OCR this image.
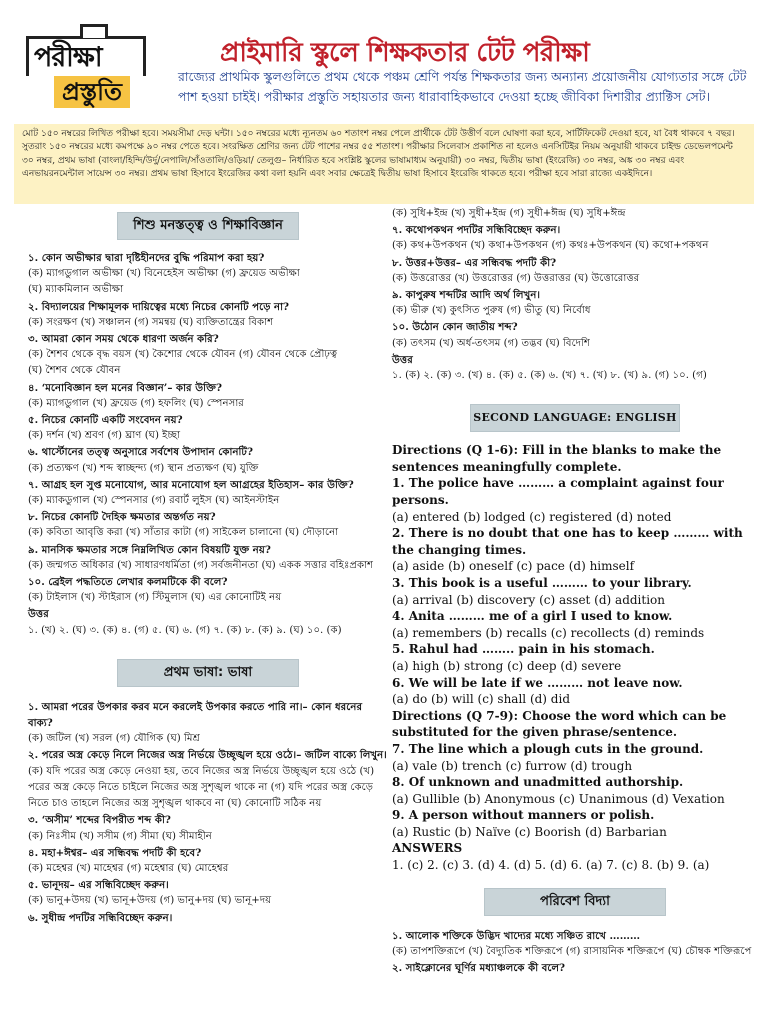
পরীক্ষা
প্রস্তুতি
প্রাইমারি স্কুলে শিক্ষকতার টেট পরীক্ষা
রাজ্যের প্রাথমিক স্কুলগুলিতে প্রথম থেকে পঞ্চম শ্রেণি পর্যন্ত শিক্ষকতার জন্য অন্যান্য প্রয়োজনীয় যোগ্যতার সঙ্গে টেট পাশ হওয়া চাইই। পরীক্ষার প্রস্তুতি সহায়তার জন্য ধারাবাহিকভাবে দেওয়া হচ্ছে জীবিকা দিশারীর প্র্যাক্টিস সেট।
মোট ১৫০ নম্বরের লিখিত পরীক্ষা হবে। সময়সীমা দেড় ঘন্টা। ১৫০ নম্বরের মধ্যে ন্যূনতম ৬০ শতাংশ নম্বর পেলে প্রার্থীকে টেট উত্তীর্ণ বলে ঘোষণা করা হবে, সার্টিফিকেট দেওয়া হবে, যা বৈধ থাকবে ৭ বছর। সুতরাং ১৫০ নম্বরের মধ্যে কমপক্ষে ৯০ নম্বর পেতে হবে। সংরক্ষিত শ্রেণির জন্য টেট পাশের নম্বর ৫৫ শতাংশ। পরীক্ষার সিলেবাস প্রকাশিত না হলেও এনসিটিইর নিয়ম অনুযায়ী থাকবে চাইল্ড ডেভেলপমেন্ট ৩০ নম্বর, প্রথম ভাষা (বাংলা/হিন্দি/উর্দু/নেপালি/সাঁওতালি/ওড়িয়া/ তেলুগু– নির্ধারিত হবে সংশ্লিষ্ট স্কুলের ভাষামাধ্যম অনুযায়ী) ৩০ নম্বর, দ্বিতীয় ভাষা (ইংরেজি) ৩০ নম্বর, অঙ্ক ৩০ নম্বর এবং এনভায়রনমেন্টাল সায়েন্স ৩০ নম্বর। প্রথম ভাষা হিসাবে ইংরেজির কথা বলা হয়নি এবং সবার ক্ষেত্রেই দ্বিতীয় ভাষা হিসাবে ইংরেজি থাকতে হবে। পরীক্ষা হবে সারা রাজ্যে একইদিনে।
শিশু মনস্তত্ত্ব ও শিক্ষাবিজ্ঞান
১. কোন অভীক্ষার দ্বারা দৃষ্টিহীনদের বুদ্ধি পরিমাপ করা হয়?
(ক) ম্যাগডুগাল অভীক্ষা (খ) বিনেহেইস অভীক্ষা (গ) ফ্রয়েড অভীক্ষা
(ঘ) ম্যাকমিলান অভীক্ষা
২. বিদ্যালয়ের শিক্ষামূলক দায়িত্বের মধ্যে নিচের কোনটি পড়ে না?
(ক) সংরক্ষণ (খ) সঞ্চালন (গ) সমন্বয় (ঘ) ব্যক্তিতান্ত্রের বিকাশ
৩. আমরা কোন সময় থেকে ধারণা অর্জন করি?
(ক) শৈশব থেকে বৃদ্ধ বয়স (খ) কৈশোর থেকে যৌবন (গ) যৌবন থেকে প্রৌঢ়ত্ব
(ঘ) শৈশব থেকে যৌবন
৪. ‘মনোবিজ্ঞান হল মনের বিজ্ঞান’– কার উক্তি?
(ক) ম্যাগডুগাল (খ) ফ্রয়েড (গ) হফলিং (ঘ) স্পেনসার
৫. নিচের কোনটি একটি সংবেদন নয়?
(ক) দর্শন (খ) শ্রবণ (গ) ঘ্রাণ (ঘ) ইচ্ছা
৬. থার্স্টোনের তত্ত্ব অনুসারে সর্বশেষ উপাদান কোনটি?
(ক) প্রত্যক্ষণ (খ) শব্দ স্বাচ্ছন্দ্য (গ) স্থান প্রত্যক্ষণ (ঘ) যুক্তি
৭. আগ্রহ হল সুপ্ত মনোযোগ, আর মনোযোগ হল আগ্রহের ইতিহাস– কার উক্তি?
(ক) ম্যাকডুগাল (খ) স্পেনসার (গ) রবার্ট লুইস (ঘ) আইনস্টাইন
৮. নিচের কোনটি দৈহিক ক্ষমতার অন্তর্গত নয়?
(ক) কবিতা আবৃত্তি করা (খ) সাঁতার কাটা (গ) সাইকেল চালানো (ঘ) দৌড়ানো
৯. মানসিক ক্ষমতার সঙ্গে নিম্নলিখিত কোন বিষয়টি যুক্ত নয়?
(ক) জন্মগত অধিকার (খ) সাধারণধর্মিতা (গ) সর্বজনীনতা (ঘ) একক সত্তার বহিঃপ্রকাশ
১০. ব্রেইল পদ্ধতিতে লেখার কলমটিকে কী বলে?
(ক) টাইলাস (খ) স্টাইরাস (গ) স্টিমুলাস (ঘ) এর কোনোটিই নয়
উত্তর
১. (খ) ২. (ঘ) ৩. (ক) ৪. (গ) ৫. (ঘ) ৬. (গ) ৭. (ক) ৮. (ক) ৯. (ঘ) ১০. (ক)
প্রথম ভাষা: ভাষা
১. আমরা পরের উপকার করব মনে করলেই উপকার করতে পারি না।– কোন ধরনের বাক্য?
(ক) জটিল (খ) সরল (গ) যৌগিক (ঘ) মিশ্র
২. পরের অস্ত্র কেড়ে নিলে নিজের অস্ত্র নির্ভয়ে উচ্ছৃঙ্খল হয়ে ওঠে।– জটিল বাক্যে লিখুন।
(ক) যদি পরের অস্ত্র কেড়ে নেওয়া হয়, তবে নিজের অস্ত্র নির্ভয়ে উচ্ছৃঙ্খল হয়ে ওঠে (খ) পরের অস্ত্র কেড়ে নিতে চাইলে নিজের অস্ত্র সুশৃঙ্খল থাকে না (গ) যদি পরের অস্ত্র কেড়ে নিতে চাও তাহলে নিজের অস্ত্র সুশৃঙ্খল থাকবে না (ঘ) কোনোটি সঠিক নয়
৩. ‘অসীম’ শব্দের বিপরীত শব্দ কী?
(ক) নিঃসীম (খ) সসীম (গ) সীমা (ঘ) সীমাহীন
৪. মহা+ঈশ্বর– এর সন্ধিবদ্ধ পদটি কী হবে?
(ক) মহেশ্বর (খ) মাহেশ্বর (গ) মহেশ্বার (ঘ) মোহেশ্বর
৫. ভানূদয়– এর সন্ধিবিচ্ছেদ করুন।
(ক) ভানু+উদয় (খ) ভানূ+উদয় (গ) ভানু+দয় (ঘ) ভানূ+দয়
৬. সুধীন্দ্র পদটির সন্ধিবিচ্ছেদ করুন।
(ক) সুধি+ইন্দ্র (খ) সুধী+ইন্দ্র (গ) সুধী+ঈন্দ্র (ঘ) সুধি+ঈন্দ্র
৭. কথোপকথন পদটির সন্ধিবিচ্ছেদ করুন।
(ক) কথ+উপকথন (খ) কথা+উপকথন (গ) কথঃ+উপকথন (ঘ) কথো+পকথন
৮. উত্তর+উত্তর– এর সন্ধিবদ্ধ পদটি কী?
(ক) উত্তরোত্তর (খ) উত্তরোত্তর (গ) উত্তরাত্তর (ঘ) উত্তোরোত্তর
৯. কাপুরুষ শব্দটির আদি অর্থ লিখুন।
(ক) ভীরু (খ) কুৎসিত পুরুষ (গ) ভীতু (ঘ) নির্বোধ
১০. উঠোন কোন জাতীয় শব্দ?
(ক) তৎসম (খ) অর্ধ-তৎসম (গ) তদ্ভব (ঘ) বিদেশি
উত্তর
১. (ক) ২. (ক) ৩. (খ) ৪. (ক) ৫. (ক) ৬. (খ) ৭. (খ) ৮. (খ) ৯. (গ) ১০. (গ)
SECOND LANGUAGE: ENGLISH
Directions (Q 1-6): Fill in the blanks to make the sentences meaningfully complete.
1. The police have ……… a complaint against four persons.
(a) entered (b) lodged (c) registered (d) noted
2. There is no doubt that one has to keep ……… with the changing times.
(a) aside (b) oneself (c) pace (d) himself
3. This book is a useful ……… to your library.
(a) arrival (b) discovery (c) asset (d) addition
4. Anita ……… me of a girl I used to know.
(a) remembers (b) recalls (c) recollects (d) reminds
5. Rahul had …….. pain in his stomach.
(a) high (b) strong (c) deep (d) severe
6. We will be late if we ……… not leave now.
(a) do (b) will (c) shall (d) did
Directions (Q 7-9): Choose the word which can be substituted for the given phrase/sentence.
7. The line which a plough cuts in the ground.
(a) vale (b) trench (c) furrow (d) trough
8. Of unknown and unadmitted authorship.
(a) Gullible (b) Anonymous (c) Unanimous (d) Vexation
9. A person without manners or polish.
(a) Rustic (b) Naïve (c) Boorish (d) Barbarian
ANSWERS
1. (c) 2. (c) 3. (d) 4. (d) 5. (d) 6. (a) 7. (c) 8. (b) 9. (a)
পরিবেশ বিদ্যা
১. আলোক শক্তিকে উদ্ভিদ খাদ্যের মধ্যে সঞ্চিত রাখে ………
(ক) তাপশক্তিরূপে (খ) বৈদ্যুতিক শক্তিরূপে (গ) রাসায়নিক শক্তিরূপে (ঘ) চৌম্বক শক্তিরূপে
২. সাইক্লোনের ঘূর্ণির মধ্যাঞ্চলকে কী বলে?
